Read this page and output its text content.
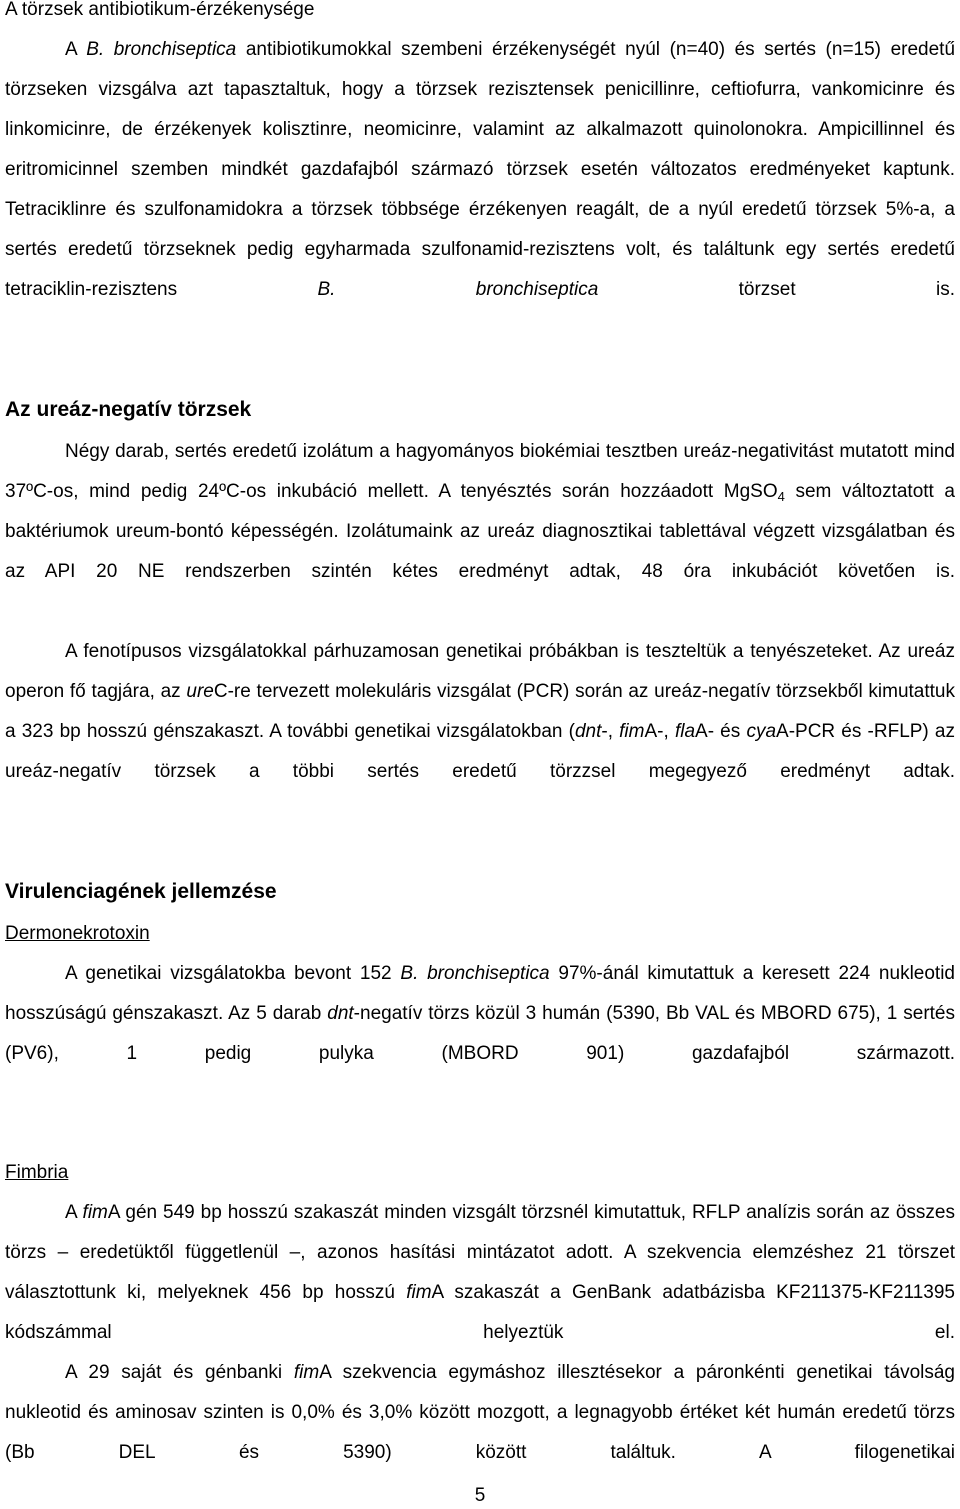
A törzsek antibiotikum-érzékenysége

A B. bronchiseptica antibiotikumokkal szembeni érzékenységét nyúl (n=40) és sertés (n=15) eredetű törzseken vizsgálva azt tapasztaltuk, hogy a törzsek rezisztensek penicillinre, ceftiofurra, vankomicinre és linkomicinre, de érzékenyek kolisztinre, neomicinre, valamint az alkalmazott quinolonokra. Ampicillinnel és eritromicinnel szemben mindkét gazdafajból származó törzsek esetén változatos eredményeket kaptunk. Tetraciklinre és szulfonamidokra a törzsek többsége érzékenyen reagált, de a nyúl eredetű törzsek 5%-a, a sertés eredetű törzseknek pedig egyharmada szulfonamid-rezisztens volt, és találtunk egy sertés eredetű tetraciklin-rezisztens B. bronchiseptica törzset is.

Az ureáz-negatív törzsek

Négy darab, sertés eredetű izolátum a hagyományos biokémiai tesztben ureáz-negativitást mutatott mind 37ºC-os, mind pedig 24ºC-os inkubáció mellett. A tenyésztés során hozzáadott MgSO$_4$ sem változtatott a baktériumok ureum-bontó képességén. Izolátumaink az ureáz diagnosztikai tablettával végzett vizsgálatban és az API 20 NE rendszerben szintén kétes eredményt adtak, 48 óra inkubációt követően is.

A fenotípusos vizsgálatokkal párhuzamosan genetikai próbákban is teszteltük a tenyészeteket. Az ureáz operon fő tagjára, az ureC-re tervezett molekuláris vizsgálat (PCR) során az ureáz-negatív törzsekből kimutattuk a 323 bp hosszú génszakaszt. A további genetikai vizsgálatokban (dnt-, fimA-, flaA- és cyaA-PCR és -RFLP) az ureáz-negatív törzsek a többi sertés eredetű törzzsel megegyező eredményt adtak.

Virulenciagének jellemzése
Dermonekrotoxin

A genetikai vizsgálatokba bevont 152 B. bronchiseptica 97%-ánál kimutattuk a keresett 224 nukleotid hosszúságú génszakaszt. Az 5 darab dnt-negatív törzs közül 3 humán (5390, Bb VAL és MBORD 675), 1 sertés (PV6), 1 pedig pulyka (MBORD 901) gazdafajból származott.

Fimbria

A fimA gén 549 bp hosszú szakaszát minden vizsgált törzsnél kimutattuk, RFLP analízis során az összes törzs – eredetüktől függetlenül –, azonos hasítási mintázatot adott. A szekvencia elemzéshez 21 törszet választottunk ki, melyeknek 456 bp hosszú fimA szakaszát a GenBank adatbázisba KF211375-KF211395 kódszámmal helyeztük el.

A 29 saját és génbanki fimA szekvencia egymáshoz illesztésekor a páronkénti genetikai távolság nukleotid és aminosav szinten is 0,0% és 3,0% között mozgott, a legnagyobb értéket két humán eredetű törzs (Bb DEL és 5390) között találtuk. A filogenetikai

5
